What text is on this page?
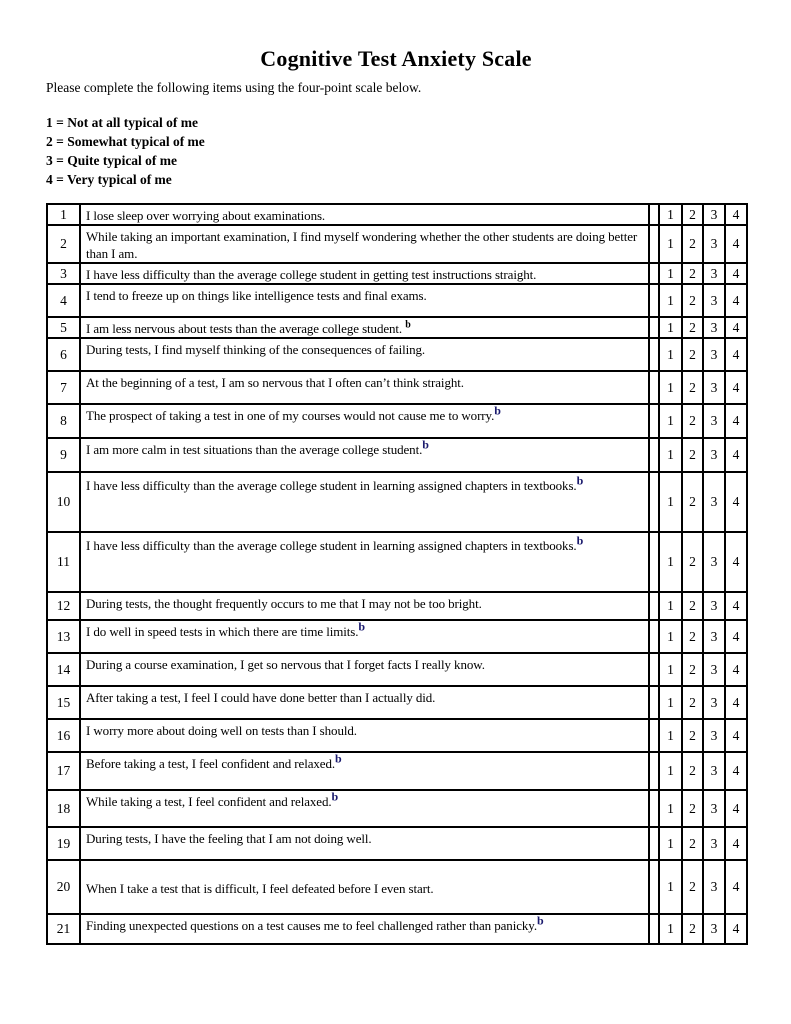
Cognitive Test Anxiety Scale
Please complete the following items using the four-point scale below.
1 = Not at all typical of me
2 = Somewhat typical of me
3 = Quite typical of me
4 = Very typical of me
1	I lose sleep over worrying about examinations.		1	2	3	4
2	While taking an important examination, I find myself wondering whether the other students are doing better than I am.		1	2	3	4
3	I have less difficulty than the average college student in getting test instructions straight.		1	2	3	4
4	I tend to freeze up on things like intelligence tests and final exams.		1	2	3	4
5	I am less nervous about tests than the average college student. $^b$		1	2	3	4
6	During tests, I find myself thinking of the consequences of failing.		1	2	3	4
7	At the beginning of a test, I am so nervous that I often can’t think straight.		1	2	3	4
8	The prospect of taking a test in one of my courses would not cause me to worry.$^b$		1	2	3	4
9	I am more calm in test situations than the average college student.$^b$		1	2	3	4
10	I have less difficulty than the average college student in learning assigned chapters in textbooks.$^b$		1	2	3	4
11	I have less difficulty than the average college student in learning assigned chapters in textbooks.$^b$		1	2	3	4
12	During tests, the thought frequently occurs to me that I may not be too bright.		1	2	3	4
13	I do well in speed tests in which there are time limits.$^b$		1	2	3	4
14	During a course examination, I get so nervous that I forget facts I really know.		1	2	3	4
15	After taking a test, I feel I could have done better than I actually did.		1	2	3	4
16	I worry more about doing well on tests than I should.		1	2	3	4
17	Before taking a test, I feel confident and relaxed.$^b$		1	2	3	4
18	While taking a test, I feel confident and relaxed.$^b$		1	2	3	4
19	During tests, I have the feeling that I am not doing well.		1	2	3	4
20	When I take a test that is difficult, I feel defeated before I even start.		1	2	3	4
21	Finding unexpected questions on a test causes me to feel challenged rather than panicky.$^b$		1	2	3	4
